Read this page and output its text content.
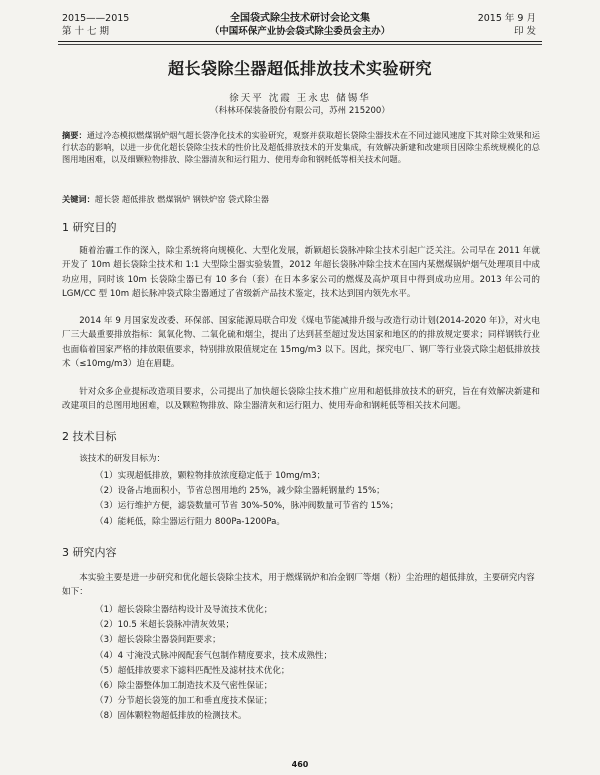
2015——2015
第 十 七 期
全国袋式除尘技术研讨会论文集
（中国环保产业协会袋式除尘委员会主办）
2015 年 9 月
印 发
超长袋除尘器超低排放技术实验研究
徐天平 沈霞 王永忠 储锡华
（科林环保装备股份有限公司，苏州 215200）
摘要：通过冷态模拟燃煤锅炉烟气超长袋净化技术的实验研究，观察并获取超长袋除尘器技术在不同过滤风速度下其对除尘效果和运行状态的影响，以进一步优化超长袋除尘技术的性价比及超低排放技术的开发集成，有效解决新建和改建项目因除尘系统规模化的总图用地困难，以及细颗粒物排放、除尘器清灰和运行阻力、使用寿命和钢耗低等相关技术问题。
关键词：超长袋 超低排放 燃煤锅炉 钢铁炉窑 袋式除尘器
1 研究目的
随着治霾工作的深入，除尘系统将向规模化、大型化发展，新颖超长袋脉冲除尘技术引起广泛关注。公司早在 2011 年就开发了 10m 超长袋除尘技术和 1:1 大型除尘器实验装置，2012 年超长袋脉冲除尘技术在国内某燃煤锅炉烟气处理项目中成功应用，同时该 10m 长袋除尘器已有 10 多台（套）在日本多家公司的燃煤及高炉项目中得到成功应用。2013 年公司的 LGM/CC 型 10m 超长脉冲袋式除尘器通过了省级新产品技术鉴定，技术达到国内领先水平。
2014 年 9 月国家发改委、环保部、国家能源局联合印发《煤电节能减排升级与改造行动计划(2014-2020 年)》，对火电厂三大最重要排放指标：氮氧化物、二氧化硫和烟尘，提出了达到甚至超过发达国家和地区的的排放规定要求；同样钢铁行业也面临着国家严格的排放限值要求，特别排放限值规定在 15mg/m3 以下。因此，探究电厂、钢厂等行业袋式除尘超低排放技术（≤10mg/m3）迫在眉睫。
针对众多企业提标改造项目要求，公司提出了加快超长袋除尘技术推广应用和超低排放技术的研究，旨在有效解决新建和改建项目的总图用地困难，以及颗粒物排放、除尘器清灰和运行阻力、使用寿命和钢耗低等相关技术问题。
2 技术目标
该技术的研发目标为：
（1）实现超低排放，颗粒物排放浓度稳定低于 10mg/m3；
（2）设备占地面积小，节省总图用地约 25%，减少除尘器耗钢量约 15%；
（3）运行维护方便，滤袋数量可节省 30%-50%，脉冲阀数量可节省约 15%；
（4）能耗低，除尘器运行阻力 800Pa-1200Pa。
3 研究内容
本实验主要是进一步研究和优化超长袋除尘技术，用于燃煤锅炉和冶金钢厂等烟（粉）尘治理的超低排放，主要研究内容如下：
（1）超长袋除尘器结构设计及导流技术优化；
（2）10.5 米超长袋脉冲清灰效果；
（3）超长袋除尘器袋间距要求；
（4）4 寸淹没式脉冲阀配套气包制作精度要求，技术成熟性；
（5）超低排放要求下滤料匹配性及滤材技术优化；
（6）除尘器整体加工制造技术及气密性保证；
（7）分节超长袋笼的加工和垂直度技术保证；
（8）固体颗粒物超低排放的检测技术。
460
